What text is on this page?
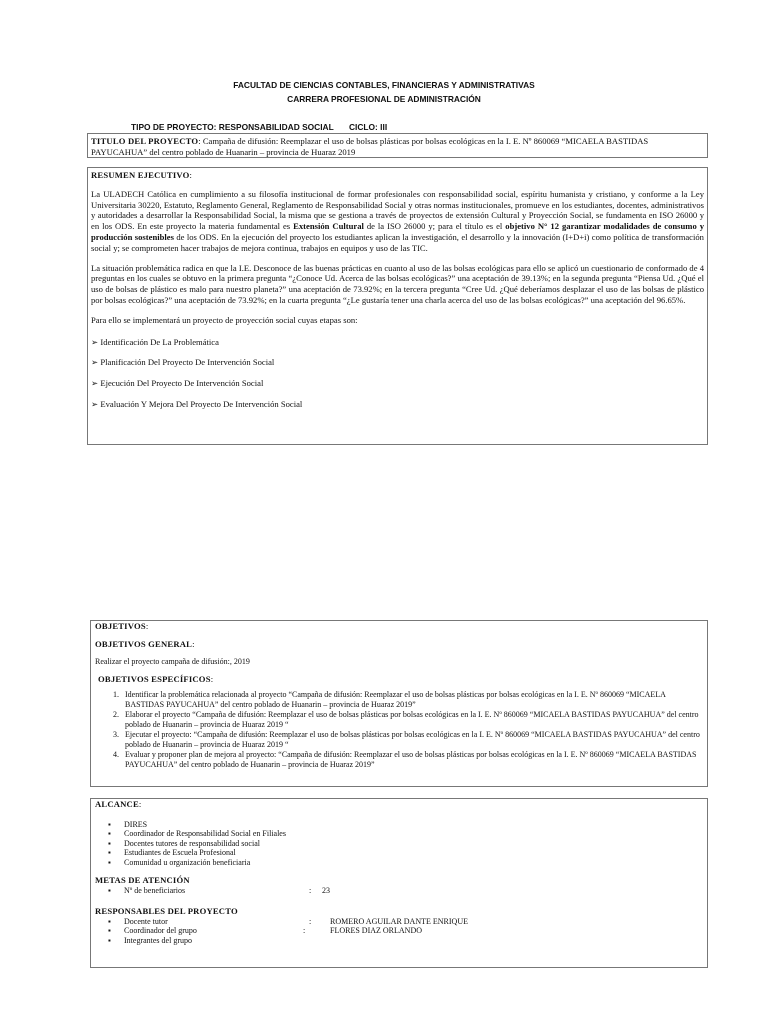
FACULTAD DE CIENCIAS CONTABLES, FINANCIERAS Y ADMINISTRATIVAS
CARRERA PROFESIONAL DE ADMINISTRACIÓN
TIPO DE PROYECTO: RESPONSABILIDAD SOCIAL CICLO: III
TITULO DEL PROYECTO: Campaña de difusión: Reemplazar el uso de bolsas plásticas por bolsas ecológicas en la I. E. Nº 860069 “MICAELA BASTIDAS PAYUCAHUA” del centro poblado de Huanarin – provincia de Huaraz 2019

RESUMEN EJECUTIVO:

La ULADECH Católica en cumplimiento a su filosofía institucional de formar profesionales con responsabilidad social, espíritu humanista y cristiano, y conforme a la Ley Universitaria 30220, Estatuto, Reglamento General, Reglamento de Responsabilidad Social y otras normas institucionales, promueve en los estudiantes, docentes, administrativos y autoridades a desarrollar la Responsabilidad Social, la misma que se gestiona a través de proyectos de extensión Cultural y Proyección Social, se fundamenta en ISO 26000 y en los ODS. En este proyecto la materia fundamental es Extensión Cultural de la ISO 26000 y; para el título es el objetivo N° 12 garantizar modalidades de consumo y producción sostenibles de los ODS. En la ejecución del proyecto los estudiantes aplican la investigación, el desarrollo y la innovación (I+D+i) como política de transformación social y; se comprometen hacer trabajos de mejora continua, trabajos en equipos y uso de las TIC.

La situación problemática radica en que la I.E. Desconoce de las buenas prácticas en cuanto al uso de las bolsas ecológicas para ello se aplicó un cuestionario de conformado de 4 preguntas en los cuales se obtuvo en la primera pregunta “¿Conoce Ud. Acerca de las bolsas ecológicas?” una aceptación de 39.13%; en la segunda pregunta “Piensa Ud. ¿Qué el uso de bolsas de plástico es malo para nuestro planeta?” una aceptación de 73.92%; en la tercera pregunta “Cree Ud. ¿Qué deberíamos desplazar el uso de las bolsas de plástico por bolsas ecológicas?” una aceptación de 73.92%; en la cuarta pregunta “¿Le gustaría tener una charla acerca del uso de las bolsas ecológicas?” una aceptación del 96.65%.

Para ello se implementará un proyecto de proyección social cuyas etapas son:

➢ Identificación De La Problemática
➢ Planificación Del Proyecto De Intervención Social
➢ Ejecución Del Proyecto De Intervención Social
➢ Evaluación Y Mejora Del Proyecto De Intervención Social

OBJETIVOS:

OBJETIVOS GENERAL:

Realizar el proyecto campaña de difusión:, 2019

OBJETIVOS ESPECÍFICOS:

1. Identificar la problemática relacionada al proyecto “Campaña de difusión: Reemplazar el uso de bolsas plásticas por bolsas ecológicas en la I. E. Nº 860069 “MICAELA BASTIDAS PAYUCAHUA” del centro poblado de Huanarin – provincia de Huaraz 2019”
2. Elaborar el proyecto “Campaña de difusión: Reemplazar el uso de bolsas plásticas por bolsas ecológicas en la I. E. Nº 860069 “MICAELA BASTIDAS PAYUCAHUA” del centro poblado de Huanarin – provincia de Huaraz 2019 “
3. Ejecutar el proyecto: “Campaña de difusión: Reemplazar el uso de bolsas plásticas por bolsas ecológicas en la I. E. Nº 860069 “MICAELA BASTIDAS PAYUCAHUA” del centro poblado de Huanarin – provincia de Huaraz 2019 “
4. Evaluar y proponer plan de mejora al proyecto: “Campaña de difusión: Reemplazar el uso de bolsas plásticas por bolsas ecológicas en la I. E. Nº 860069 “MICAELA BASTIDAS PAYUCAHUA” del centro poblado de Huanarin – provincia de Huaraz 2019”

ALCANCE:

▪ DIRES
▪ Coordinador de Responsabilidad Social en Filiales
▪ Docentes tutores de responsabilidad social
▪ Estudiantes de Escuela Profesional
▪ Comunidad u organización beneficiaria

METAS DE ATENCIÓN

▪ Nº de beneficiarios	: 23

RESPONSABLES DEL PROYECTO

▪ Docente tutor	: ROMERO AGUILAR DANTE ENRIQUE
▪ Coordinador del grupo	:	FLORES DIAZ ORLANDO
▪ Integrantes del grupo
